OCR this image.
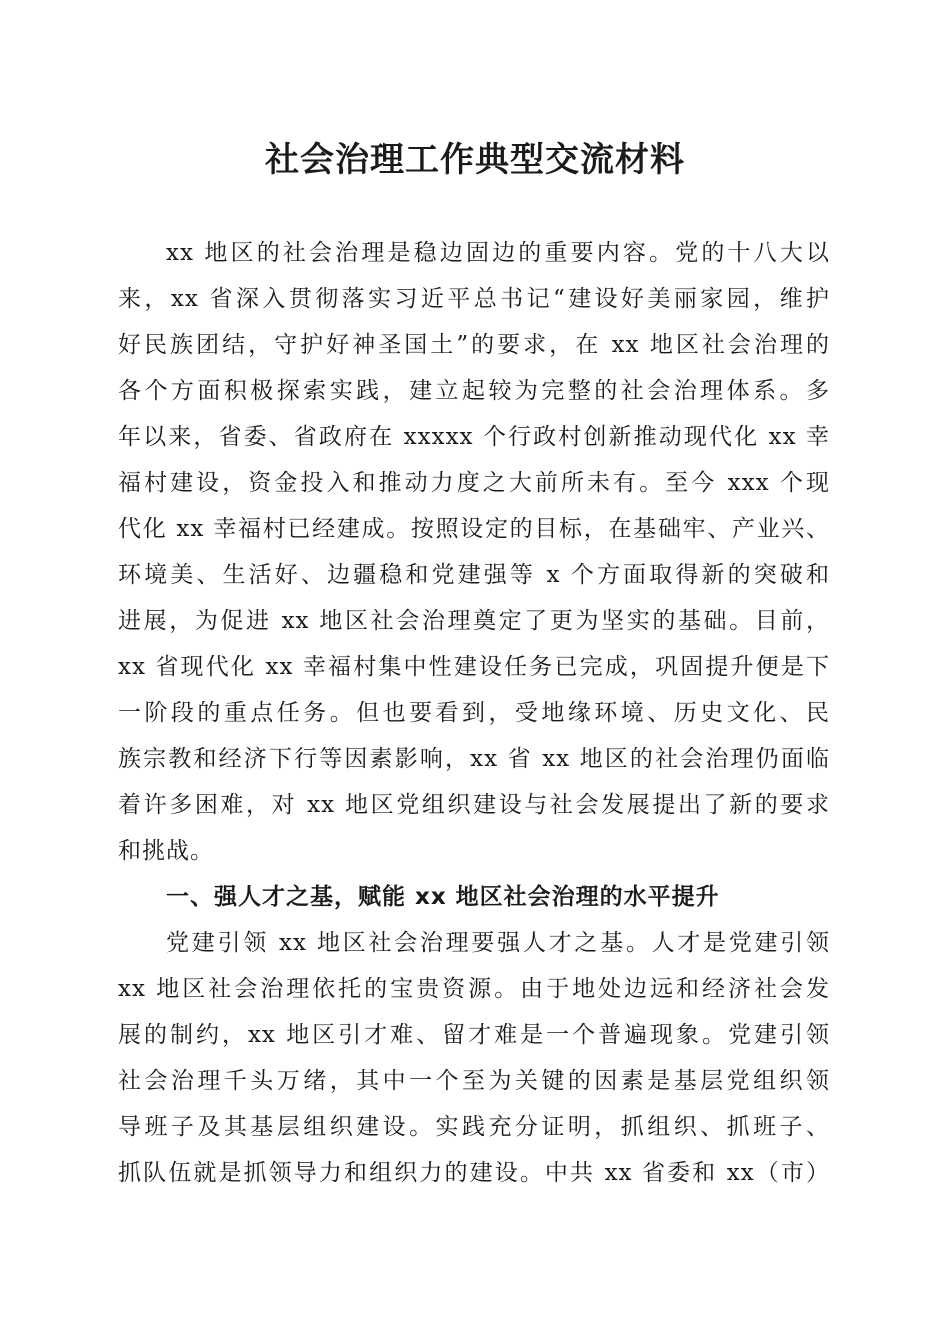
社会治理工作典型交流材料
xx 地区的社会治理是稳边固边的重要内容。党的十八大以
来，xx 省深入贯彻落实习近平总书记“建设好美丽家园，维护
好民族团结，守护好神圣国土”的要求，在 xx 地区社会治理的
各个方面积极探索实践，建立起较为完整的社会治理体系。多
年以来，省委、省政府在 xxxxx 个行政村创新推动现代化 xx 幸
福村建设，资金投入和推动力度之大前所未有。至今 xxx 个现
代化 xx 幸福村已经建成。按照设定的目标，在基础牢、产业兴、
环境美、生活好、边疆稳和党建强等 x 个方面取得新的突破和
进展，为促进 xx 地区社会治理奠定了更为坚实的基础。目前，
xx 省现代化 xx 幸福村集中性建设任务已完成，巩固提升便是下
一阶段的重点任务。但也要看到，受地缘环境、历史文化、民
族宗教和经济下行等因素影响，xx 省 xx 地区的社会治理仍面临
着许多困难，对 xx 地区党组织建设与社会发展提出了新的要求
和挑战。
一、强人才之基，赋能 xx 地区社会治理的水平提升
党建引领 xx 地区社会治理要强人才之基。人才是党建引领
xx 地区社会治理依托的宝贵资源。由于地处边远和经济社会发
展的制约，xx 地区引才难、留才难是一个普遍现象。党建引领
社会治理千头万绪，其中一个至为关键的因素是基层党组织领
导班子及其基层组织建设。实践充分证明，抓组织、抓班子、
抓队伍就是抓领导力和组织力的建设。中共 xx 省委和 xx（市）
